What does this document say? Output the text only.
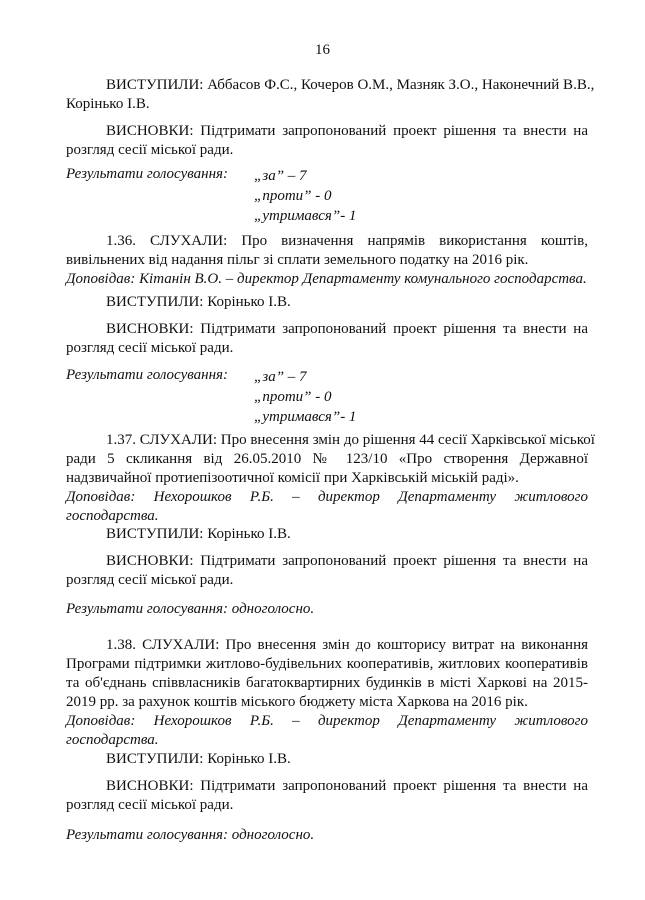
16
ВИСТУПИЛИ: Аббасов Ф.С., Кочеров О.М., Мазняк З.О., Наконечний В.В.,
Корінько І.В.
ВИСНОВКИ: Підтримати запропонований проект рішення та внести на
розгляд сесії міської ради.
Результати голосування: „за” – 7
„проти” - 0
„утримався”- 1
1.36. СЛУХАЛИ: Про визначення напрямів використання коштів,
вивільнених від надання пільг зі сплати земельного податку на 2016 рік.
Доповідав: Кітанін В.О. – директор Департаменту комунального господарства.
ВИСТУПИЛИ: Корінько І.В.
ВИСНОВКИ: Підтримати запропонований проект рішення та внести на
розгляд сесії міської ради.
Результати голосування: „за” – 7
„проти” - 0
„утримався”- 1
1.37. СЛУХАЛИ: Про внесення змін до рішення 44 сесії Харківської міської
ради 5 скликання від 26.05.2010 № 123/10 «Про створення Державної
надзвичайної протиепізоотичної комісії при Харківській міській раді».
Доповідав: Нехорошков Р.Б. – директор Департаменту житлового
господарства.
ВИСТУПИЛИ: Корінько І.В.
ВИСНОВКИ: Підтримати запропонований проект рішення та внести на
розгляд сесії міської ради.
Результати голосування: одноголосно.
1.38. СЛУХАЛИ: Про внесення змін до кошторису витрат на виконання
Програми підтримки житлово-будівельних кооперативів, житлових кооперативів
та об'єднань співвласників багатоквартирних будинків в місті Харкові на 2015-
2019 рр. за рахунок коштів міського бюджету міста Харкова на 2016 рік.
Доповідав: Нехорошков Р.Б. – директор Департаменту житлового
господарства.
ВИСТУПИЛИ: Корінько І.В.
ВИСНОВКИ: Підтримати запропонований проект рішення та внести на
розгляд сесії міської ради.
Результати голосування: одноголосно.
